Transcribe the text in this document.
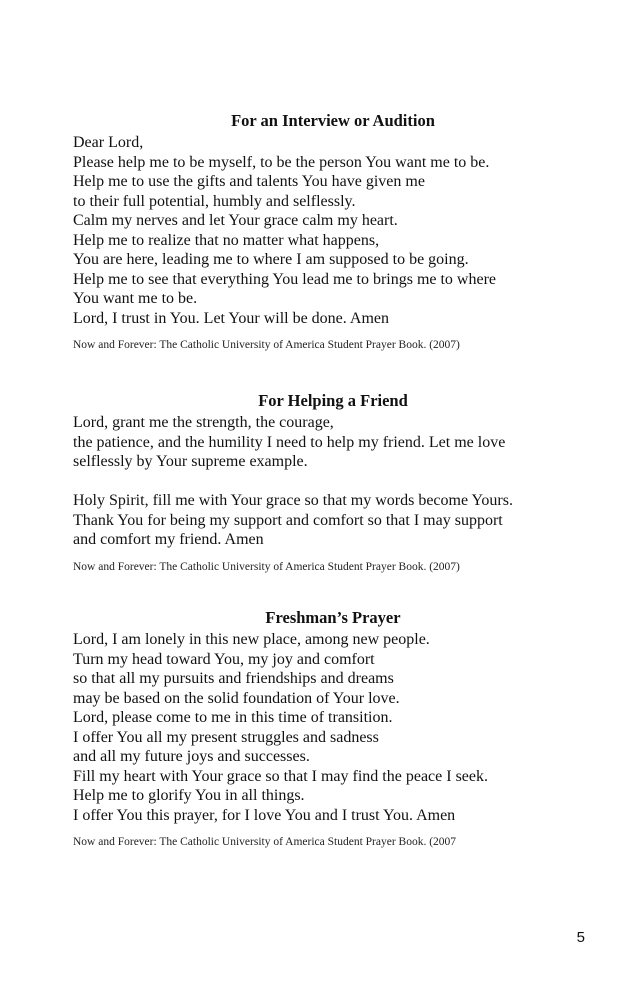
For an Interview or Audition
Dear Lord,
Please help me to be myself, to be the person You want me to be.
Help me to use the gifts and talents You have given me
to their full potential, humbly and selflessly.
Calm my nerves and let Your grace calm my heart.
Help me to realize that no matter what happens,
You are here, leading me to where I am supposed to be going.
Help me to see that everything You lead me to brings me to where
You want me to be.
Lord, I trust in You. Let Your will be done. Amen
Now and Forever: The Catholic University of America Student Prayer Book. (2007)
For Helping a Friend
Lord, grant me the strength, the courage,
the patience, and the humility I need to help my friend. Let me love
selflessly by Your supreme example.
Holy Spirit, fill me with Your grace so that my words become Yours.
Thank You for being my support and comfort so that I may support
and comfort my friend. Amen
Now and Forever: The Catholic University of America Student Prayer Book. (2007)
Freshman’s Prayer
Lord, I am lonely in this new place, among new people.
Turn my head toward You, my joy and comfort
so that all my pursuits and friendships and dreams
may be based on the solid foundation of Your love.
Lord, please come to me in this time of transition.
I offer You all my present struggles and sadness
and all my future joys and successes.
Fill my heart with Your grace so that I may find the peace I seek.
Help me to glorify You in all things.
I offer You this prayer, for I love You and I trust You. Amen
Now and Forever: The Catholic University of America Student Prayer Book. (2007
5
